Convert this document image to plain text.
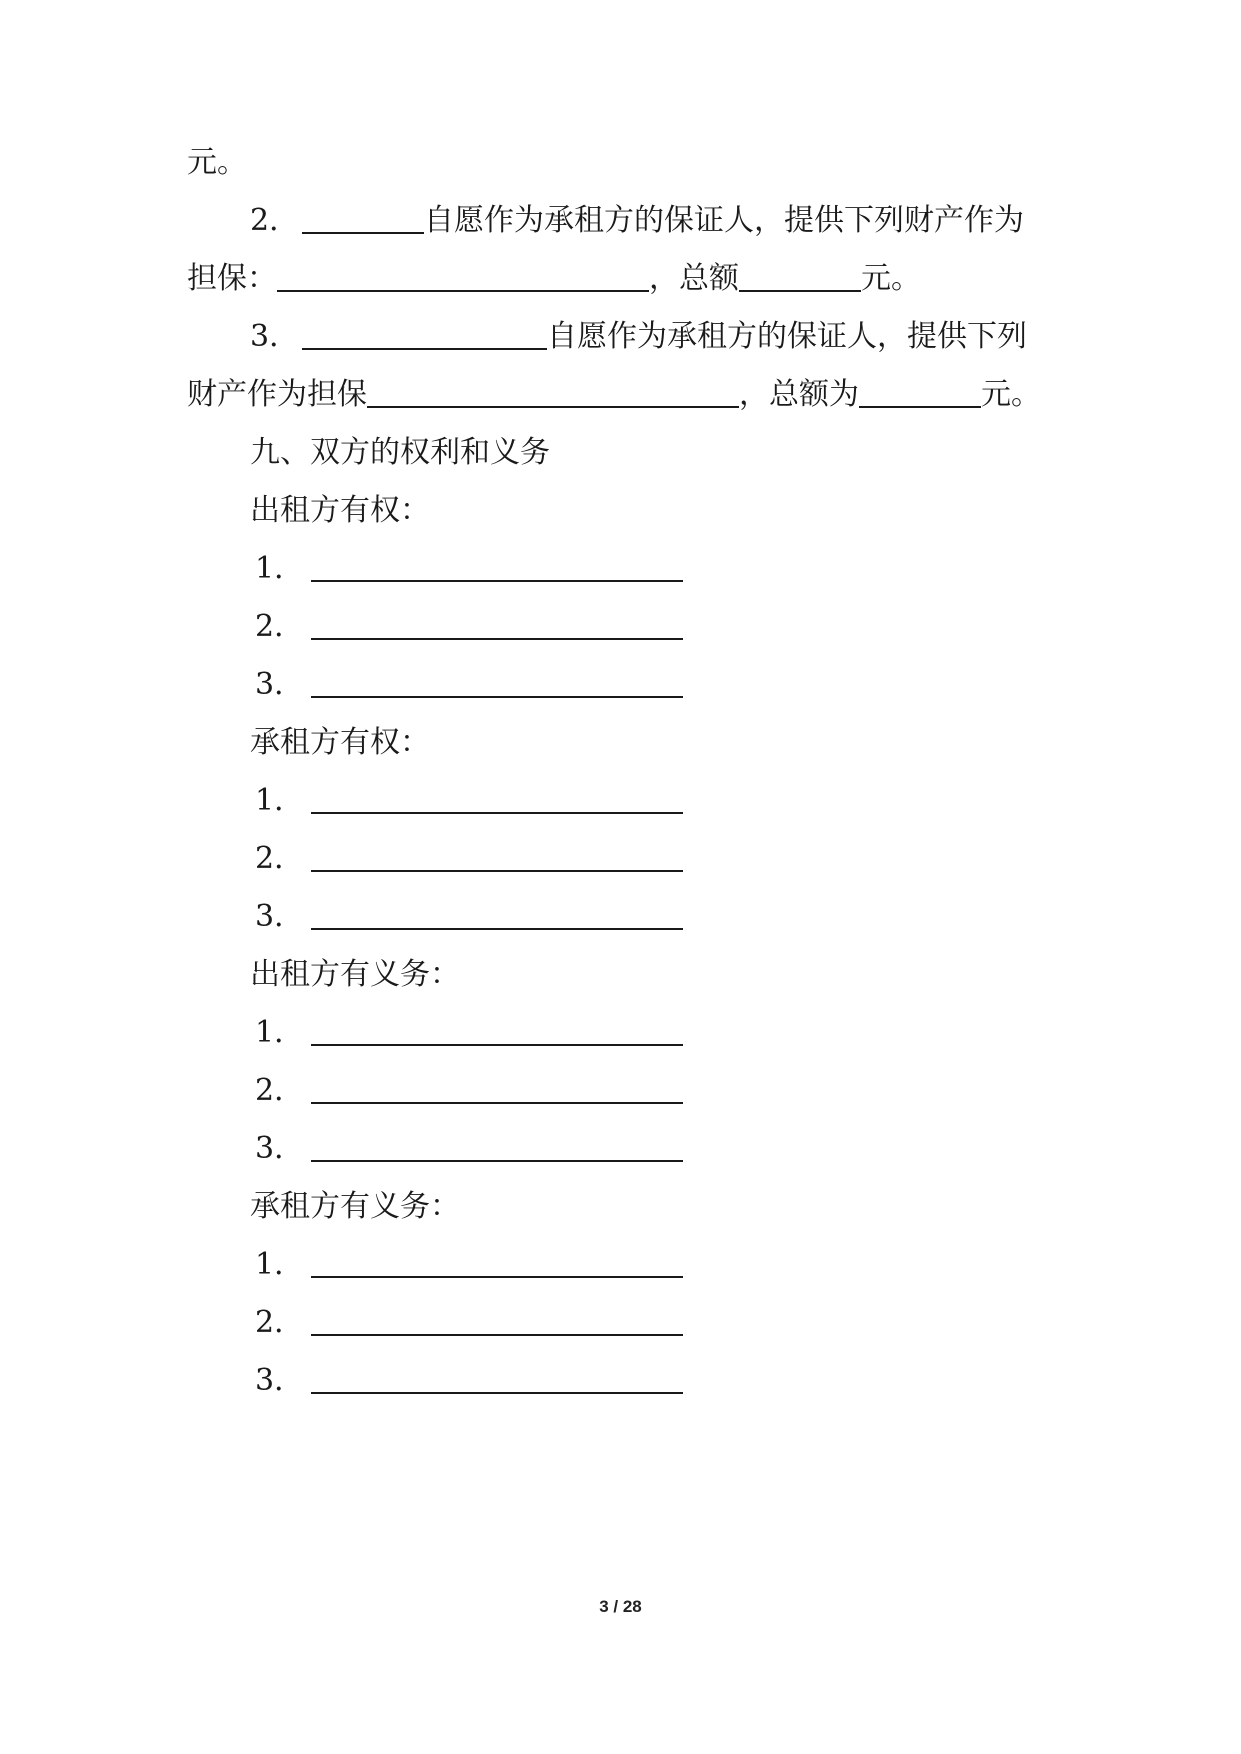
元。
2．	自愿作为承租方的保证人，提供下列财产作为
担保：	，总额	元。
3．	自愿作为承租方的保证人，提供下列
财产作为担保	，总额为	元。
九、双方的权利和义务
出租方有权：
1．
2．
3．
承租方有权：
1．
2．
3．
出租方有义务：
1．
2．
3．
承租方有义务：
1．
2．
3．
3 / 28
